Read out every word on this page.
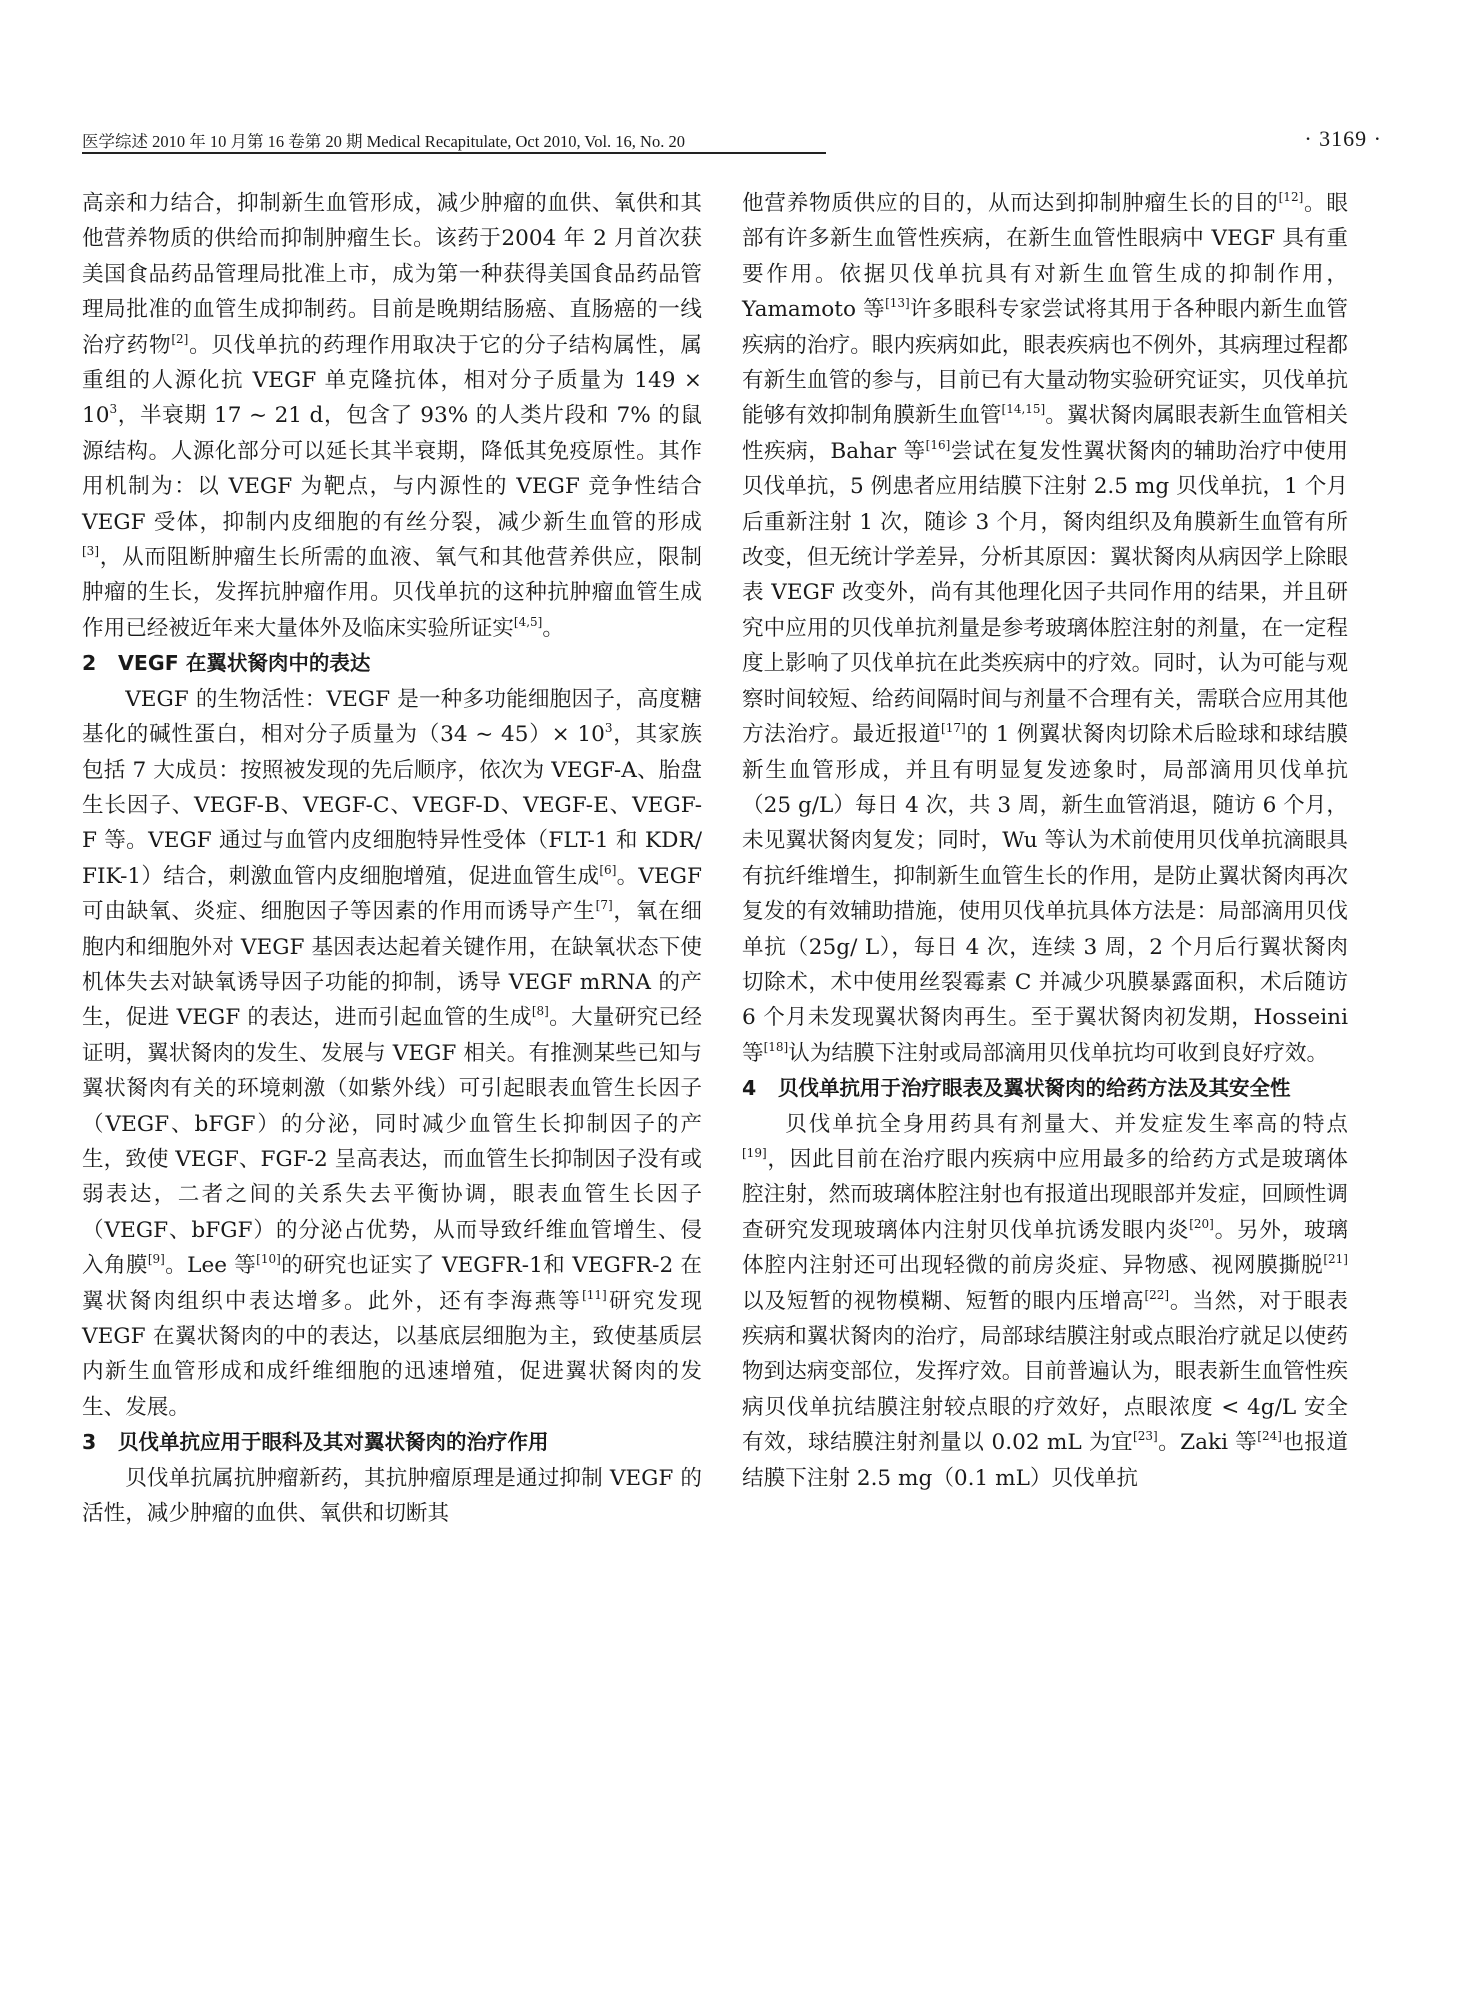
医学综述 2010 年 10 月第 16 卷第 20 期 Medical Recapitulate, Oct 2010, Vol. 16, No. 20	· 3169 ·

高亲和力结合，抑制新生血管形成，减少肿瘤的血供、氧供和其他营养物质的供给而抑制肿瘤生长。该药于2004 年 2 月首次获美国食品药品管理局批准上市，成为第一种获得美国食品药品管理局批准的血管生成抑制药。目前是晚期结肠癌、直肠癌的一线治疗药物[2]。贝伐单抗的药理作用取决于它的分子结构属性，属重组的人源化抗 VEGF 单克隆抗体，相对分子质量为 $149 \times 10^3$，半衰期 17 ~ 21 d，包含了 93% 的人类片段和 7% 的鼠源结构。人源化部分可以延长其半衰期，降低其免疫原性。其作用机制为：以 VEGF 为靶点，与内源性的 VEGF 竞争性结合 VEGF 受体，抑制内皮细胞的有丝分裂，减少新生血管的形成[3]，从而阻断肿瘤生长所需的血液、氧气和其他营养供应，限制肿瘤的生长，发挥抗肿瘤作用。贝伐单抗的这种抗肿瘤血管生成作用已经被近年来大量体外及临床实验所证实[4,5]。

2 VEGF 在翼状胬肉中的表达

VEGF 的生物活性：VEGF 是一种多功能细胞因子，高度糖基化的碱性蛋白，相对分子质量为（34 ~ $45)\times 10^3$，其家族包括 7 大成员：按照被发现的先后顺序，依次为 VEGF-A、胎盘生长因子、VEGF-B、VEGF-C、VEGF-D、VEGF-E、VEGF-F 等。VEGF 通过与血管内皮细胞特异性受体（FLT-1 和 KDR/ FIK-1）结合，刺激血管内皮细胞增殖，促进血管生成[6]。VEGF 可由缺氧、炎症、细胞因子等因素的作用而诱导产生[7]，氧在细胞内和细胞外对 VEGF 基因表达起着关键作用，在缺氧状态下使机体失去对缺氧诱导因子功能的抑制，诱导 VEGF mRNA 的产生，促进 VEGF 的表达，进而引起血管的生成[8]。大量研究已经证明，翼状胬肉的发生、发展与 VEGF 相关。有推测某些已知与翼状胬肉有关的环境刺激（如紫外线）可引起眼表血管生长因子（VEGF、bFGF）的分泌，同时减少血管生长抑制因子的产生，致使 VEGF、FGF-2 呈高表达，而血管生长抑制因子没有或弱表达，二者之间的关系失去平衡协调，眼表血管生长因子（VEGF、bFGF）的分泌占优势，从而导致纤维血管增生、侵入角膜[9]。Lee 等[10]的研究也证实了 VEGFR-1和 VEGFR-2 在翼状胬肉组织中表达增多。此外，还有李海燕等[11]研究发现 VEGF 在翼状胬肉的中的表达，以基底层细胞为主，致使基质层内新生血管形成和成纤维细胞的迅速增殖，促进翼状胬肉的发生、发展。

3 贝伐单抗应用于眼科及其对翼状胬肉的治疗作用

贝伐单抗属抗肿瘤新药，其抗肿瘤原理是通过抑制 VEGF 的活性，减少肿瘤的血供、氧供和切断其

他营养物质供应的目的，从而达到抑制肿瘤生长的目的[12]。眼部有许多新生血管性疾病，在新生血管性眼病中 VEGF 具有重要作用。依据贝伐单抗具有对新生血管生成的抑制作用，Yamamoto 等[13]许多眼科专家尝试将其用于各种眼内新生血管疾病的治疗。眼内疾病如此，眼表疾病也不例外，其病理过程都有新生血管的参与，目前已有大量动物实验研究证实，贝伐单抗能够有效抑制角膜新生血管[14,15]。翼状胬肉属眼表新生血管相关性疾病，Bahar 等[16]尝试在复发性翼状胬肉的辅助治疗中使用贝伐单抗，5 例患者应用结膜下注射 2.5 mg 贝伐单抗，1 个月后重新注射 1 次，随诊 3 个月，胬肉组织及角膜新生血管有所改变，但无统计学差异，分析其原因：翼状胬肉从病因学上除眼表 VEGF 改变外，尚有其他理化因子共同作用的结果，并且研究中应用的贝伐单抗剂量是参考玻璃体腔注射的剂量，在一定程度上影响了贝伐单抗在此类疾病中的疗效。同时，认为可能与观察时间较短、给药间隔时间与剂量不合理有关，需联合应用其他方法治疗。最近报道[17]的 1 例翼状胬肉切除术后睑球和球结膜新生血管形成，并且有明显复发迹象时，局部滴用贝伐单抗（25 g/L）每日 4 次，共 3 周，新生血管消退，随访 6 个月，未见翼状胬肉复发；同时，Wu 等认为术前使用贝伐单抗滴眼具有抗纤维增生，抑制新生血管生长的作用，是防止翼状胬肉再次复发的有效辅助措施，使用贝伐单抗具体方法是：局部滴用贝伐单抗（25g/ L），每日 4 次，连续 3 周，2 个月后行翼状胬肉切除术，术中使用丝裂霉素 C 并减少巩膜暴露面积，术后随访 6 个月未发现翼状胬肉再生。至于翼状胬肉初发期，Hosseini 等[18]认为结膜下注射或局部滴用贝伐单抗均可收到良好疗效。

4 贝伐单抗用于治疗眼表及翼状胬肉的给药方法及其安全性

贝伐单抗全身用药具有剂量大、并发症发生率高的特点[19]，因此目前在治疗眼内疾病中应用最多的给药方式是玻璃体腔注射，然而玻璃体腔注射也有报道出现眼部并发症，回顾性调查研究发现玻璃体内注射贝伐单抗诱发眼内炎[20]。另外，玻璃体腔内注射还可出现轻微的前房炎症、异物感、视网膜撕脱[21]以及短暂的视物模糊、短暂的眼内压增高[22]。当然，对于眼表疾病和翼状胬肉的治疗，局部球结膜注射或点眼治疗就足以使药物到达病变部位，发挥疗效。目前普遍认为，眼表新生血管性疾病贝伐单抗结膜注射较点眼的疗效好，点眼浓度 < 4g/L 安全有效，球结膜注射剂量以 0.02 mL 为宜[23]。Zaki 等[24]也报道结膜下注射 2.5 mg（0.1 mL）贝伐单抗
